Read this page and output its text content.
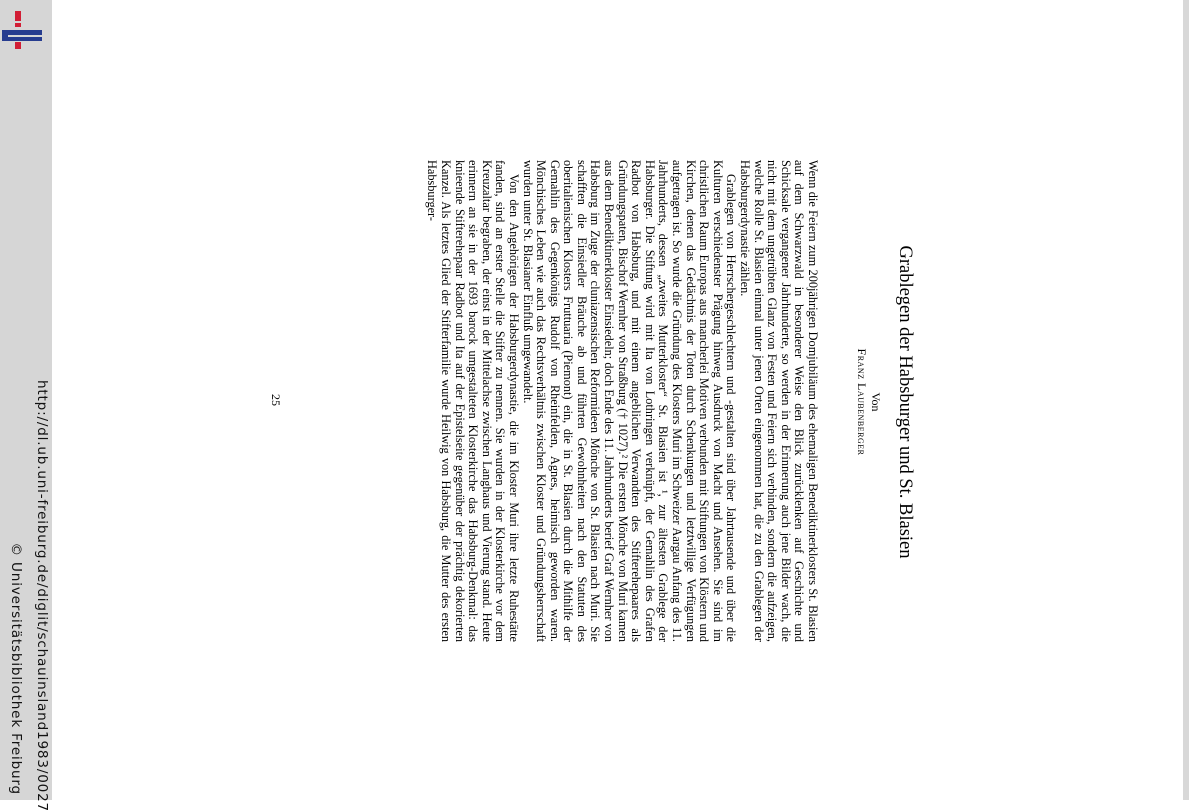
http://dl.ub.uni-freiburg.de/diglit/schauinsland1983/0027
© Universitätsbibliothek Freiburg
Grablegen der Habsburger und St. Blasien
Von
Franz Laubenberger

Wenn die Feiern zum 200jährigen Domjubiläum des ehemaligen Benediktinerklosters St. Blasien auf dem Schwarzwald in besonderer Weise den Blick zurücklenken auf Geschichte und Schicksale vergangener Jahrhunderte, so werden in der Erinnerung auch jene Bilder wach, die nicht mit dem ungetrübten Glanz von Festen und Feiern sich verbinden, sondern die aufzeigen, welche Rolle St. Blasien einmal unter jenen Orten eingenommen hat, die zu den Grablegen der Habsburgerdynastie zählen.

Grablegen von Herrschergeschlechtern und -gestalten sind über Jahrtausende und über die Kulturen verschiedenster Prägung hinweg Ausdruck von Macht und Ansehen. Sie sind im christlichen Raum Europas aus mancherlei Motiven verbunden mit Stiftungen von Klöstern und Kirchen, denen das Gedächtnis der Toten durch Schenkungen und letztwillige Verfügungen aufgetragen ist. So wurde die Gründung des Klosters Muri im Schweizer Aargau Anfang des 11. Jahrhunderts, dessen „zweites Mutterkloster“ St. Blasien ist ¹, zur ältesten Grablege der Habsburger. Die Stiftung wird mit Ita von Lothringen verknüpft, der Gemahlin des Grafen Radbot von Habsburg, und mit einem angeblichen Verwandten des Stifterehepaares als Gründungspaten, Bischof Wernher von Straßburg († 1027).² Die ersten Mönche von Muri kamen aus dem Benediktinerkloster Einsiedeln; doch Ende des 11. Jahrhunderts berief Graf Wernher von Habsburg im Zuge der cluniazensischen Reformideen Mönche von St. Blasien nach Muri. Sie schafften die Einsiedler Bräuche ab und führten Gewohnheiten nach den Statuten des oberitalienischen Klosters Fruttuaria (Piemont) ein, die in St. Blasien durch die Mithilfe der Gemahlin des Gegenkönigs Rudolf von Rheinfelden, Agnes, heimisch geworden waren. Mönchisches Leben wie auch das Rechtsverhältnis zwischen Kloster und Gründungsherrschaft wurden unter St. Blasianer Einfluß umgewandelt.

Von den Angehörigen der Habsburgerdynastie, die im Kloster Muri ihre letzte Ruhestätte fanden, sind an erster Stelle die Stifter zu nennen. Sie wurden in der Klosterkirche vor dem Kreuzaltar begraben, der einst in der Mittelachse zwischen Langhaus und Vierung stand. Heute erinnern an sie in der 1693 barock umgestalteten Klosterkirche das Habsburg-Denkmal: das knieende Stifterehepaar Radbot und Ita auf der Epistelseite gegenüber der prächtig dekorierten Kanzel. Als letztes Glied der Stifterfamilie wurde Heilwig von Habsburg, die Mutter des ersten Habsburger-

25
